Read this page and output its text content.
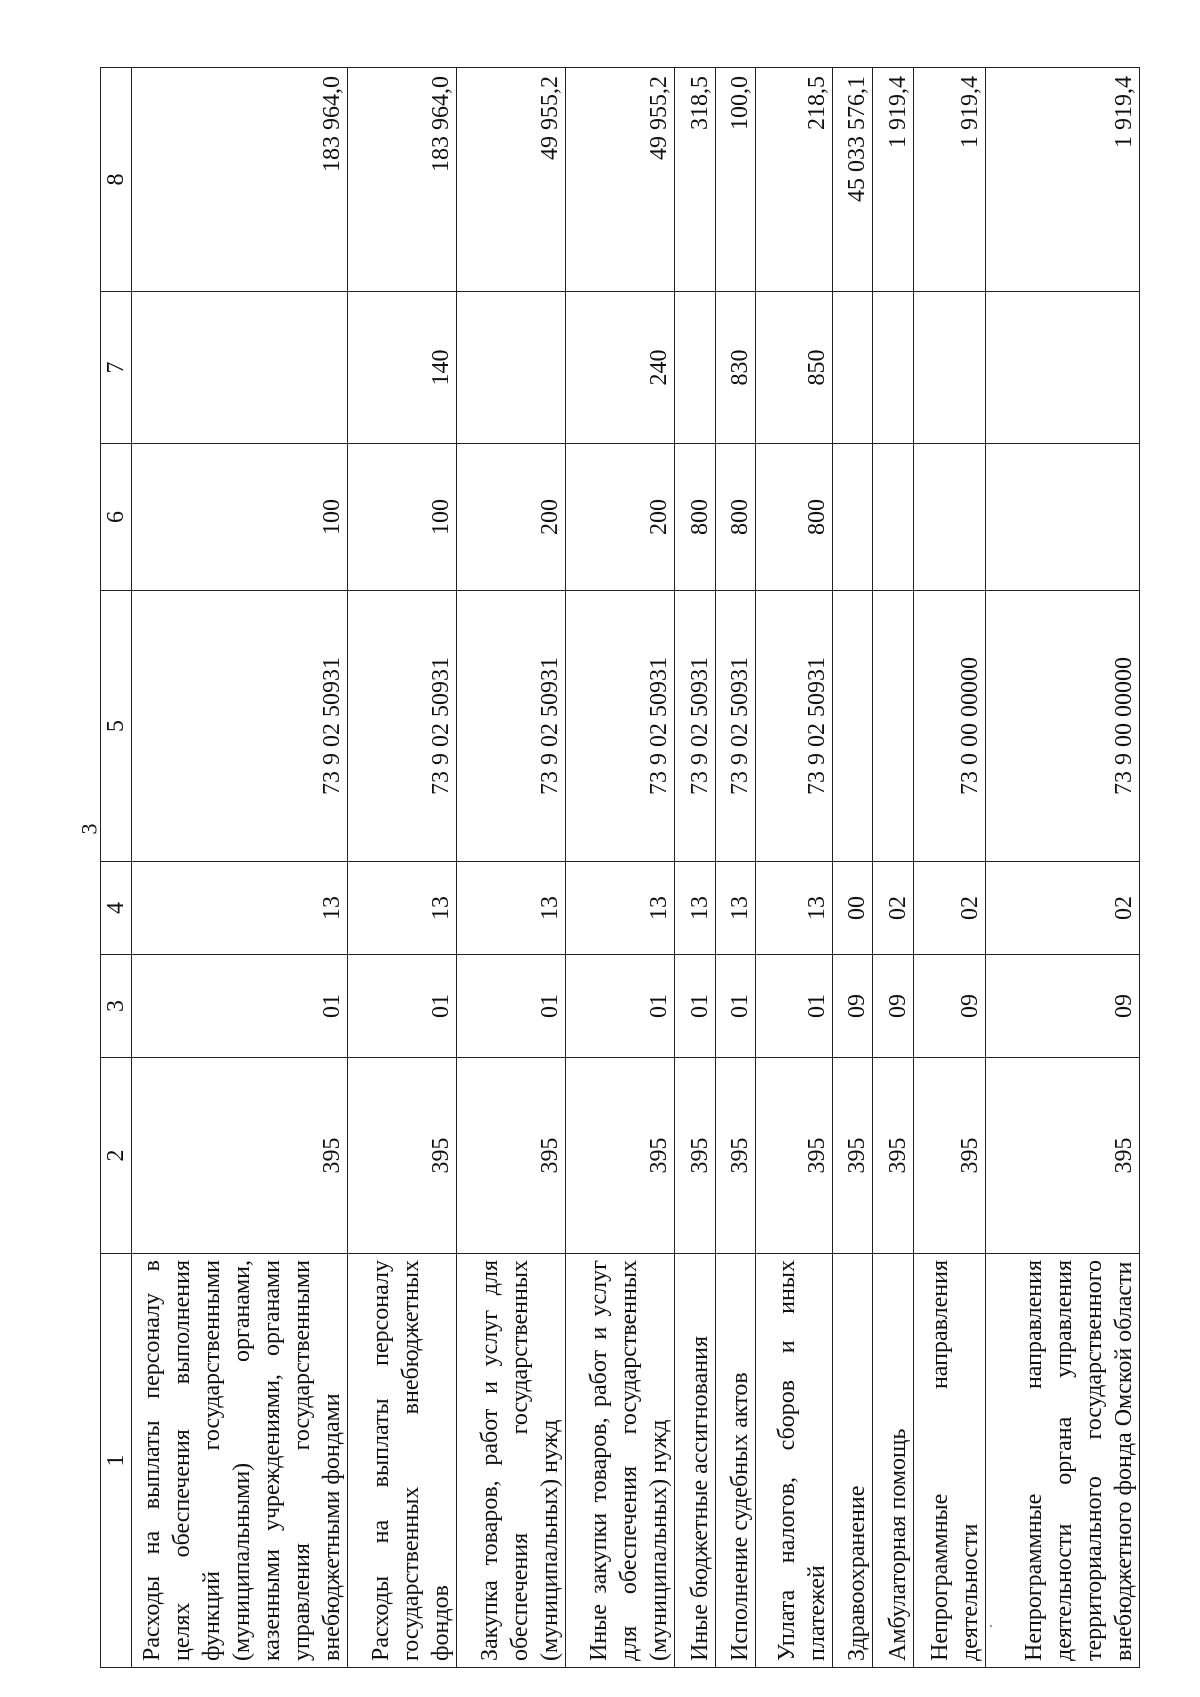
3
1	2	3	4	5	6	7	8
Расходы на выплаты персоналу в целях обеспечения выполнения функций государственными (муниципальными) органами, казенными учреждениями, органами управления государственными внебюджетными фондами	395	01	13	73 9 02 50931	100		183 964,0
Расходы на выплаты персоналу государственных внебюджетных фондов	395	01	13	73 9 02 50931	100	140	183 964,0
Закупка товаров, работ и услуг для обеспечения государственных (муниципальных) нужд	395	01	13	73 9 02 50931	200		49 955,2
Иные закупки товаров, работ и услуг для обеспечения государственных (муниципальных) нужд	395	01	13	73 9 02 50931	200	240	49 955,2
Иные бюджетные ассигнования	395	01	13	73 9 02 50931	800		318,5
Исполнение судебных актов	395	01	13	73 9 02 50931	800	830	100,0
Уплата налогов, сборов и иных платежей	395	01	13	73 9 02 50931	800	850	218,5
Здравоохранение	395	09	00				45 033 576,1
Амбулаторная помощь	395	09	02				1 919,4
Непрограммные направления деятельности	395	09	02	73 0 00 00000			1 919,4
Непрограммные направления деятельности органа управления территориального государственного внебюджетного фонда Омской области	395	09	02	73 9 00 00000			1 919,4
